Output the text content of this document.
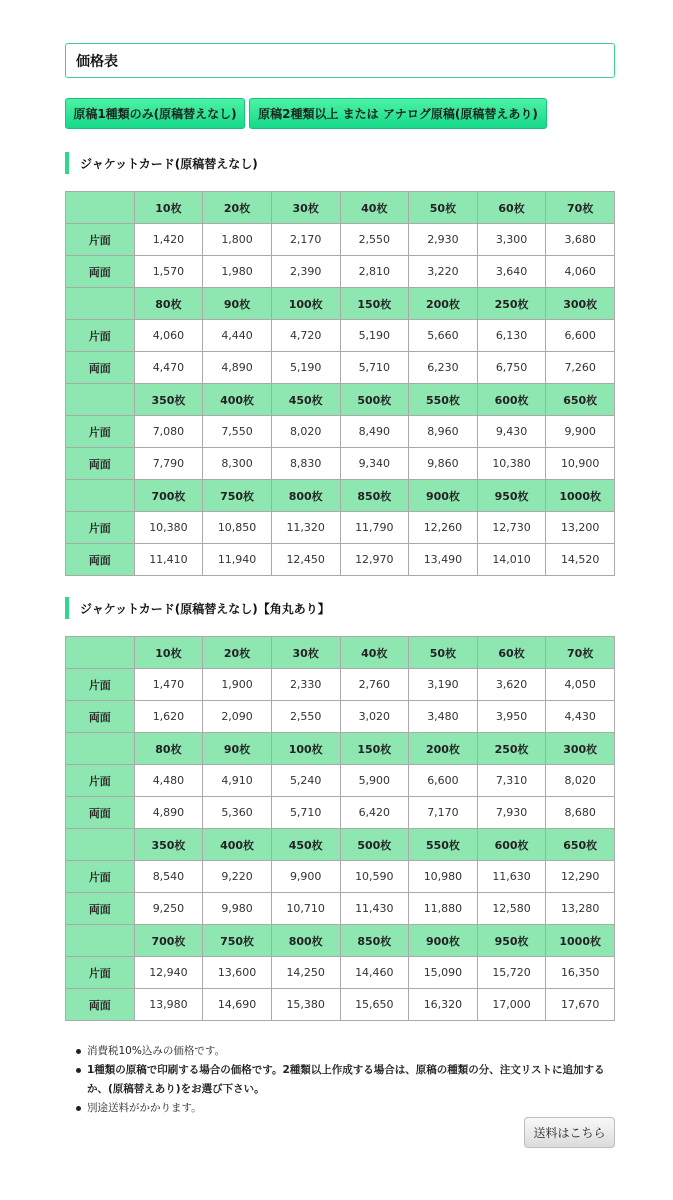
価格表
原稿1種類のみ(原稿替えなし)	原稿2種類以上 または アナログ原稿(原稿替えあり)
ジャケットカード(原稿替えなし)
	10枚	20枚	30枚	40枚	50枚	60枚	70枚
片面	1,420	1,800	2,170	2,550	2,930	3,300	3,680
両面	1,570	1,980	2,390	2,810	3,220	3,640	4,060
	80枚	90枚	100枚	150枚	200枚	250枚	300枚
片面	4,060	4,440	4,720	5,190	5,660	6,130	6,600
両面	4,470	4,890	5,190	5,710	6,230	6,750	7,260
	350枚	400枚	450枚	500枚	550枚	600枚	650枚
片面	7,080	7,550	8,020	8,490	8,960	9,430	9,900
両面	7,790	8,300	8,830	9,340	9,860	10,380	10,900
	700枚	750枚	800枚	850枚	900枚	950枚	1000枚
片面	10,380	10,850	11,320	11,790	12,260	12,730	13,200
両面	11,410	11,940	12,450	12,970	13,490	14,010	14,520
ジャケットカード(原稿替えなし)【角丸あり】
	10枚	20枚	30枚	40枚	50枚	60枚	70枚
片面	1,470	1,900	2,330	2,760	3,190	3,620	4,050
両面	1,620	2,090	2,550	3,020	3,480	3,950	4,430
	80枚	90枚	100枚	150枚	200枚	250枚	300枚
片面	4,480	4,910	5,240	5,900	6,600	7,310	8,020
両面	4,890	5,360	5,710	6,420	7,170	7,930	8,680
	350枚	400枚	450枚	500枚	550枚	600枚	650枚
片面	8,540	9,220	9,900	10,590	10,980	11,630	12,290
両面	9,250	9,980	10,710	11,430	11,880	12,580	13,280
	700枚	750枚	800枚	850枚	900枚	950枚	1000枚
片面	12,940	13,600	14,250	14,460	15,090	15,720	16,350
両面	13,980	14,690	15,380	15,650	16,320	17,000	17,670
消費税10%込みの価格です。
1種類の原稿で印刷する場合の価格です。2種類以上作成する場合は、原稿の種類の分、注文リストに追加するか、(原稿替えあり)をお選び下さい。
別途送料がかかります。
送料はこちら
